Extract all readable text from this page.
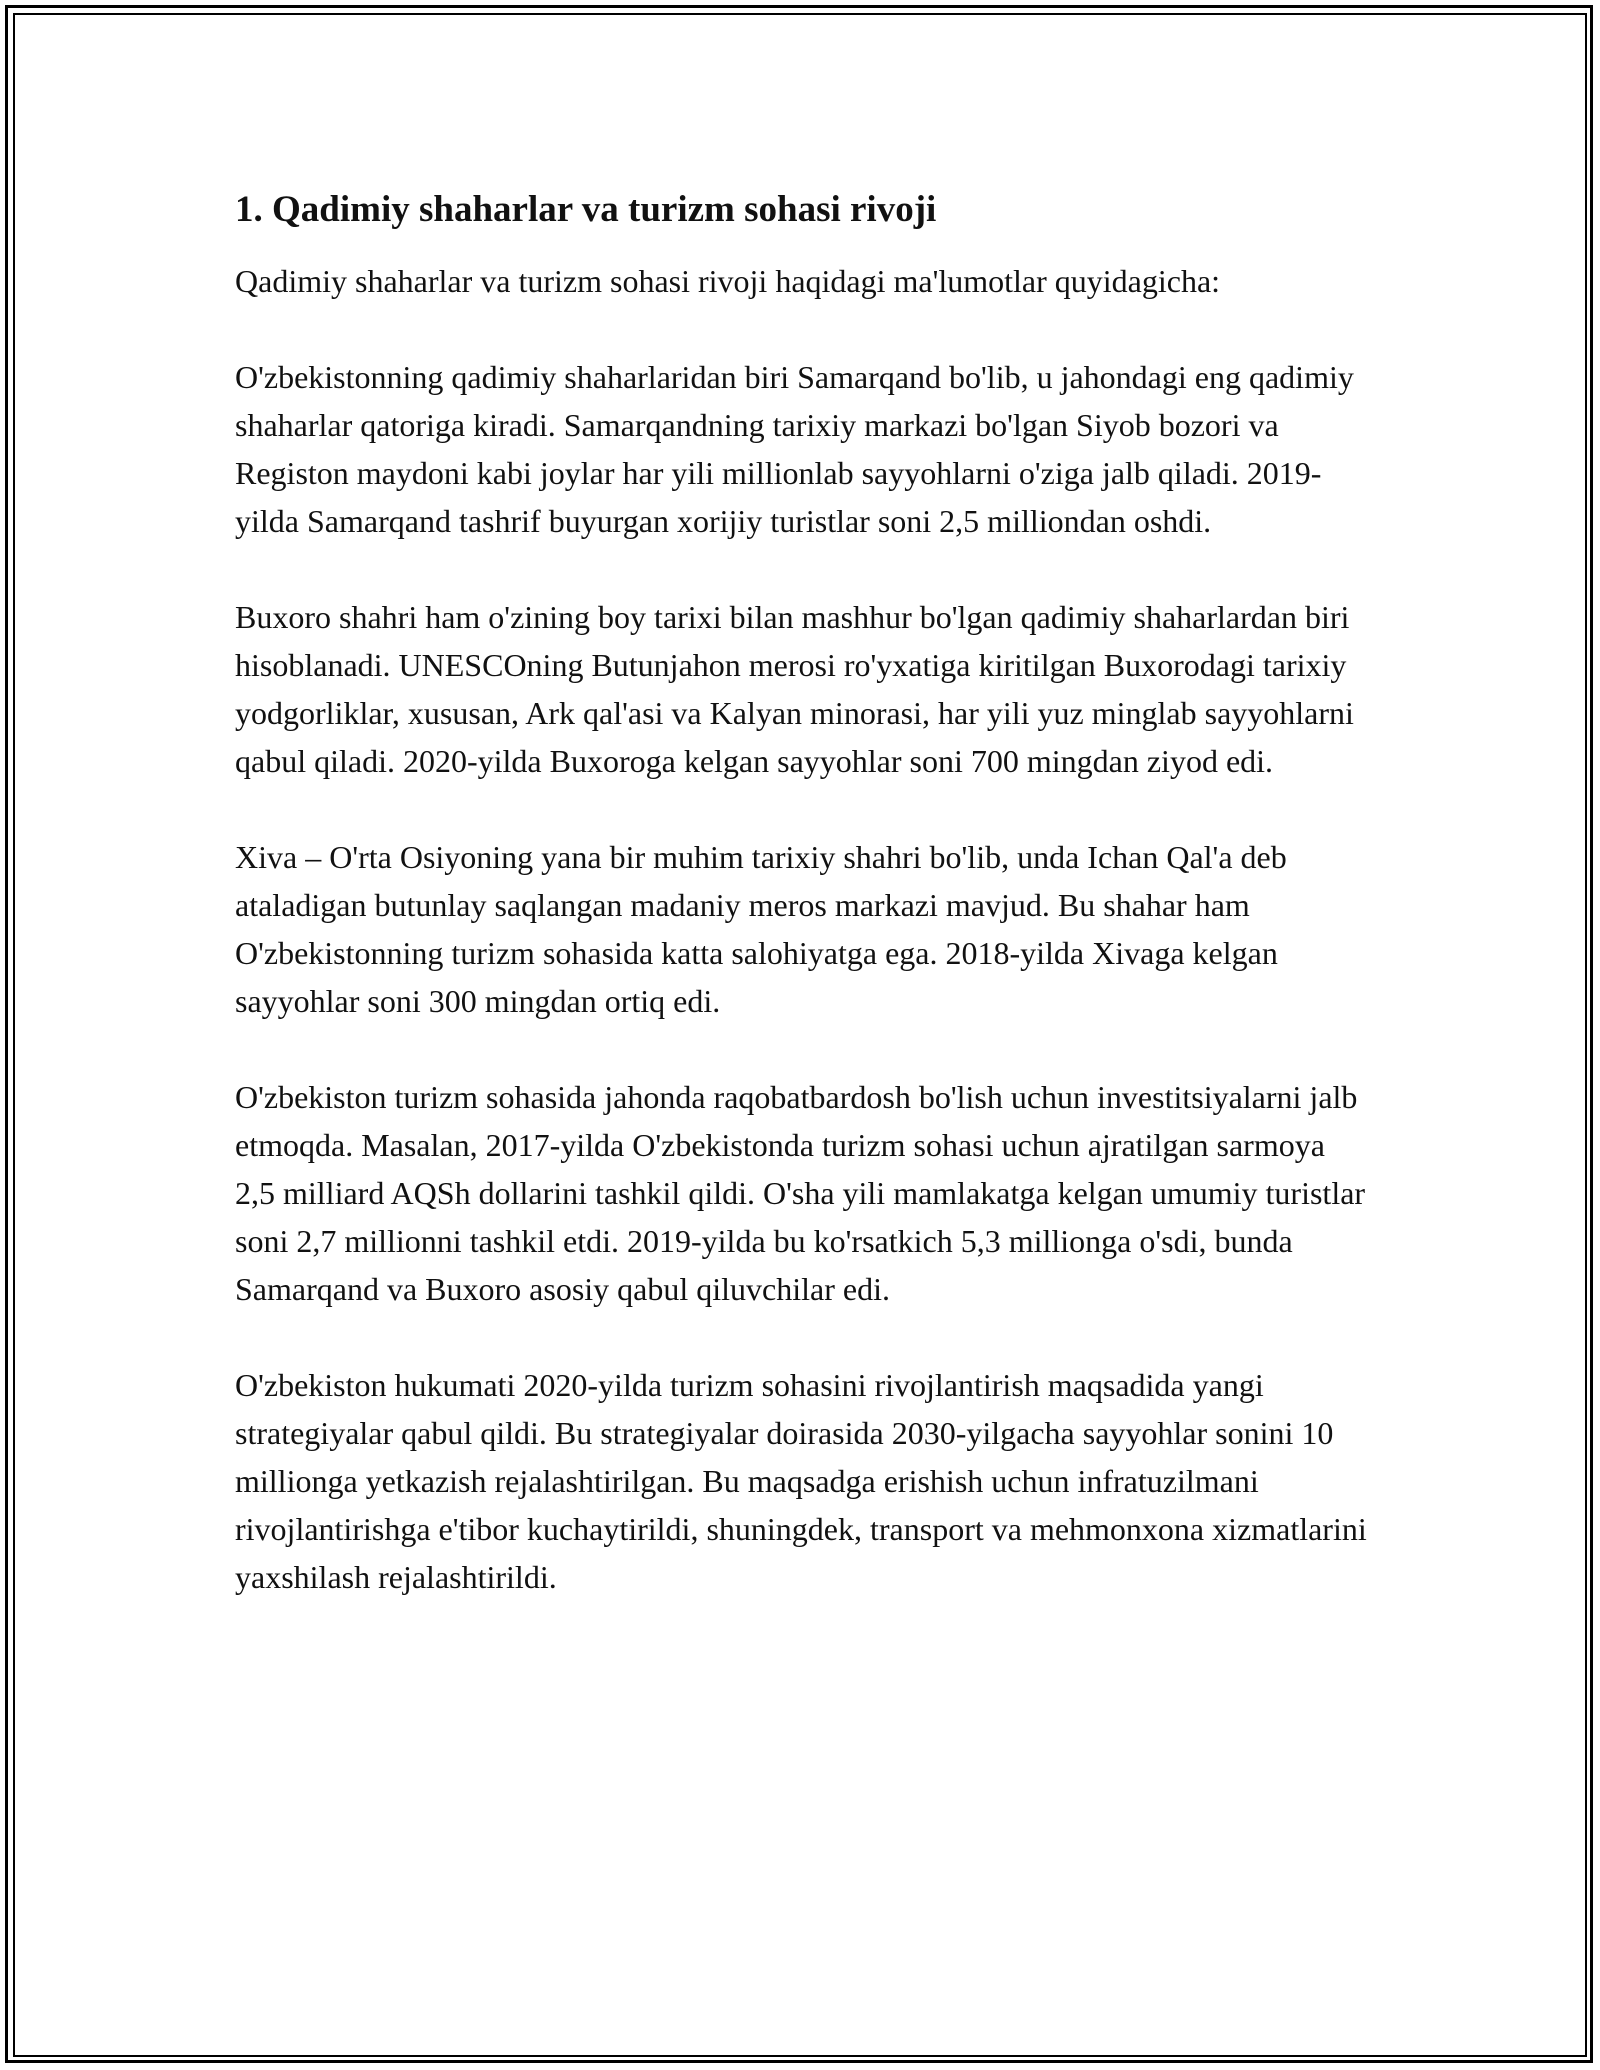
1. Qadimiy shaharlar va turizm sohasi rivoji

Qadimiy shaharlar va turizm sohasi rivoji haqidagi ma'lumotlar quyidagicha:

O'zbekistonning qadimiy shaharlaridan biri Samarqand bo'lib, u jahondagi eng qadimiy shaharlar qatoriga kiradi. Samarqandning tarixiy markazi bo'lgan Siyob bozori va Registon maydoni kabi joylar har yili millionlab sayyohlarni o'ziga jalb qiladi. 2019-yilda Samarqand tashrif buyurgan xorijiy turistlar soni 2,5 milliondan oshdi.

Buxoro shahri ham o'zining boy tarixi bilan mashhur bo'lgan qadimiy shaharlardan biri hisoblanadi. UNESCOning Butunjahon merosi ro'yxatiga kiritilgan Buxorodagi tarixiy yodgorliklar, xususan, Ark qal'asi va Kalyan minorasi, har yili yuz minglab sayyohlarni qabul qiladi. 2020-yilda Buxoroga kelgan sayyohlar soni 700 mingdan ziyod edi.

Xiva – O'rta Osiyoning yana bir muhim tarixiy shahri bo'lib, unda Ichan Qal'a deb ataladigan butunlay saqlangan madaniy meros markazi mavjud. Bu shahar ham O'zbekistonning turizm sohasida katta salohiyatga ega. 2018-yilda Xivaga kelgan sayyohlar soni 300 mingdan ortiq edi.

O'zbekiston turizm sohasida jahonda raqobatbardosh bo'lish uchun investitsiyalarni jalb etmoqda. Masalan, 2017-yilda O'zbekistonda turizm sohasi uchun ajratilgan sarmoya 2,5 milliard AQSh dollarini tashkil qildi. O'sha yili mamlakatga kelgan umumiy turistlar soni 2,7 millionni tashkil etdi. 2019-yilda bu ko'rsatkich 5,3 millionga o'sdi, bunda Samarqand va Buxoro asosiy qabul qiluvchilar edi.

O'zbekiston hukumati 2020-yilda turizm sohasini rivojlantirish maqsadida yangi strategiyalar qabul qildi. Bu strategiyalar doirasida 2030-yilgacha sayyohlar sonini 10 millionga yetkazish rejalashtirilgan. Bu maqsadga erishish uchun infratuzilmani rivojlantirishga e'tibor kuchaytirildi, shuningdek, transport va mehmonxona xizmatlarini yaxshilash rejalashtirildi.
